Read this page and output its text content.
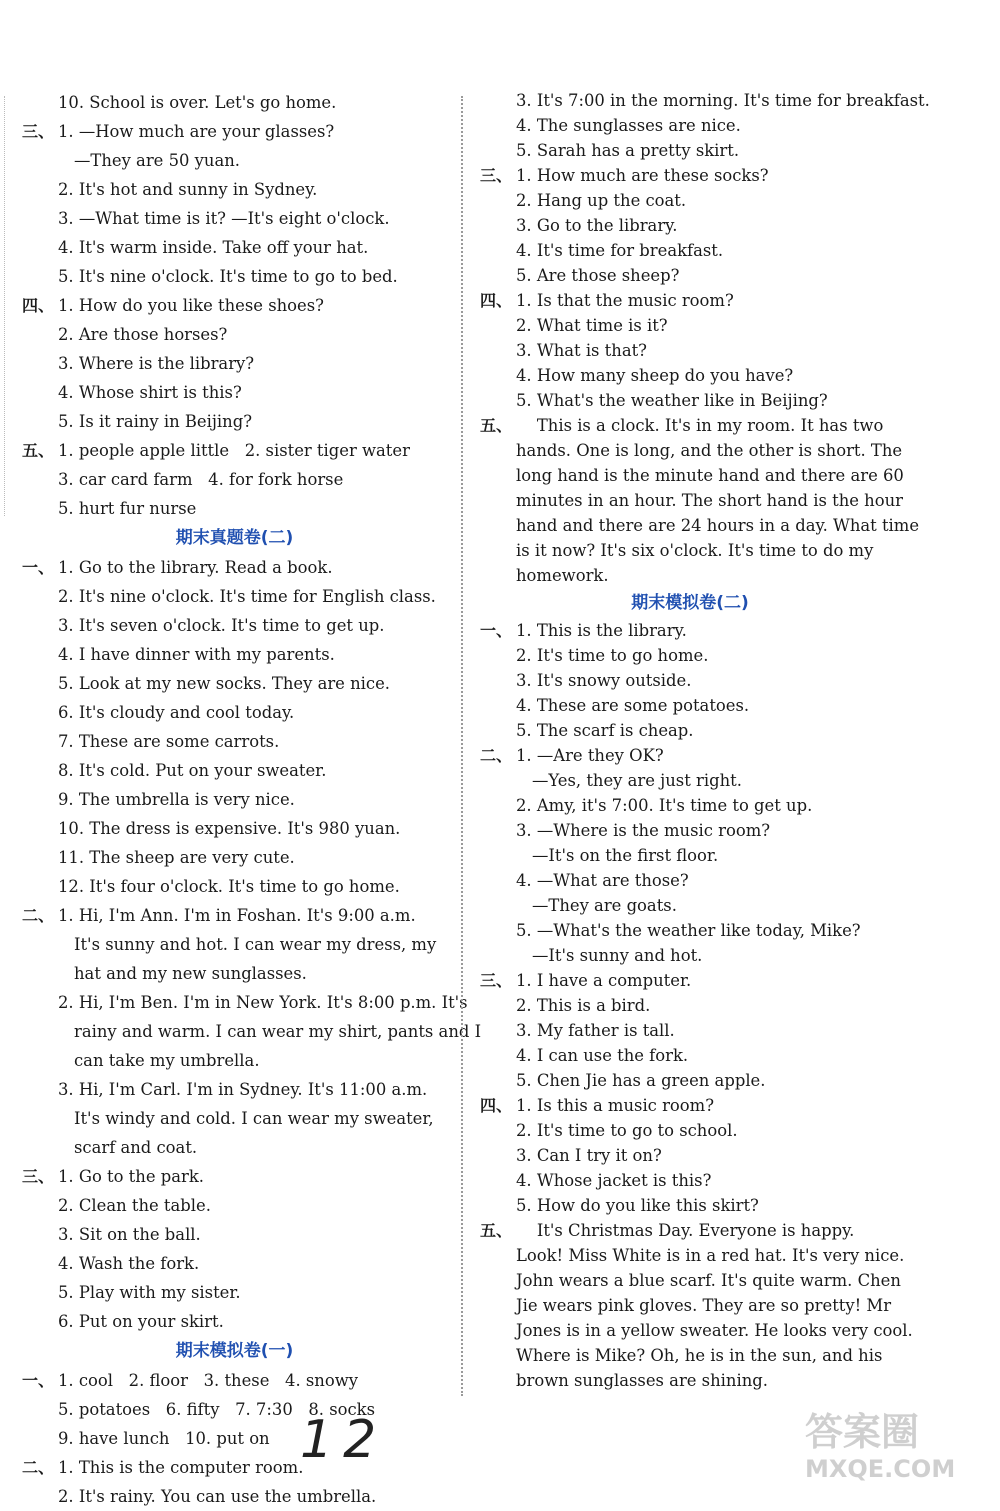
10. School is over. Let's go home.
三、 1. —How much are your glasses?
—They are 50 yuan.
2. It's hot and sunny in Sydney.
3. —What time is it? —It's eight o'clock.
4. It's warm inside. Take off your hat.
5. It's nine o'clock. It's time to go to bed.
四、 1. How do you like these shoes?
2. Are those horses?
3. Where is the library?
4. Whose shirt is this?
5. Is it rainy in Beijing?
五、 1. people apple little   2. sister tiger water
3. car card farm   4. for fork horse
5. hurt fur nurse
期末真题卷(二)
一、 1. Go to the library. Read a book.
2. It's nine o'clock. It's time for English class.
3. It's seven o'clock. It's time to get up.
4. I have dinner with my parents.
5. Look at my new socks. They are nice.
6. It's cloudy and cool today.
7. These are some carrots.
8. It's cold. Put on your sweater.
9. The umbrella is very nice.
10. The dress is expensive. It's 980 yuan.
11. The sheep are very cute.
12. It's four o'clock. It's time to go home.
二、 1. Hi, I'm Ann. I'm in Foshan. It's 9:00 a.m.
It's sunny and hot. I can wear my dress, my
hat and my new sunglasses.
2. Hi, I'm Ben. I'm in New York. It's 8:00 p.m. It's
rainy and warm. I can wear my shirt, pants and I
can take my umbrella.
3. Hi, I'm Carl. I'm in Sydney. It's 11:00 a.m.
It's windy and cold. I can wear my sweater,
scarf and coat.
三、 1. Go to the park.
2. Clean the table.
3. Sit on the ball.
4. Wash the fork.
5. Play with my sister.
6. Put on your skirt.
期末模拟卷(一)
一、 1. cool   2. floor   3. these   4. snowy
5. potatoes   6. fifty   7. 7:30   8. socks
9. have lunch   10. put on
二、 1. This is the computer room.
2. It's rainy. You can use the umbrella.
3. It's 7:00 in the morning. It's time for breakfast.
4. The sunglasses are nice.
5. Sarah has a pretty skirt.
三、 1. How much are these socks?
2. Hang up the coat.
3. Go to the library.
4. It's time for breakfast.
5. Are those sheep?
四、 1. Is that the music room?
2. What time is it?
3. What is that?
4. How many sheep do you have?
5. What's the weather like in Beijing?
五、    This is a clock. It's in my room. It has two
hands. One is long, and the other is short. The
long hand is the minute hand and there are 60
minutes in an hour. The short hand is the hour
hand and there are 24 hours in a day. What time
is it now? It's six o'clock. It's time to do my
homework.
期末模拟卷(二)
一、 1. This is the library.
2. It's time to go home.
3. It's snowy outside.
4. These are some potatoes.
5. The scarf is cheap.
二、 1. —Are they OK?
—Yes, they are just right.
2. Amy, it's 7:00. It's time to get up.
3. —Where is the music room?
—It's on the first floor.
4. —What are those?
—They are goats.
5. —What's the weather like today, Mike?
—It's sunny and hot.
三、 1. I have a computer.
2. This is a bird.
3. My father is tall.
4. I can use the fork.
5. Chen Jie has a green apple.
四、 1. Is this a music room?
2. It's time to go to school.
3. Can I try it on?
4. Whose jacket is this?
5. How do you like this skirt?
五、    It's Christmas Day. Everyone is happy.
Look! Miss White is in a red hat. It's very nice.
John wears a blue scarf. It's quite warm. Chen
Jie wears pink gloves. They are so pretty! Mr
Jones is in a yellow sweater. He looks very cool.
Where is Mike? Oh, he is in the sun, and his
brown sunglasses are shining.
12	答案圈
MXQE.COM
